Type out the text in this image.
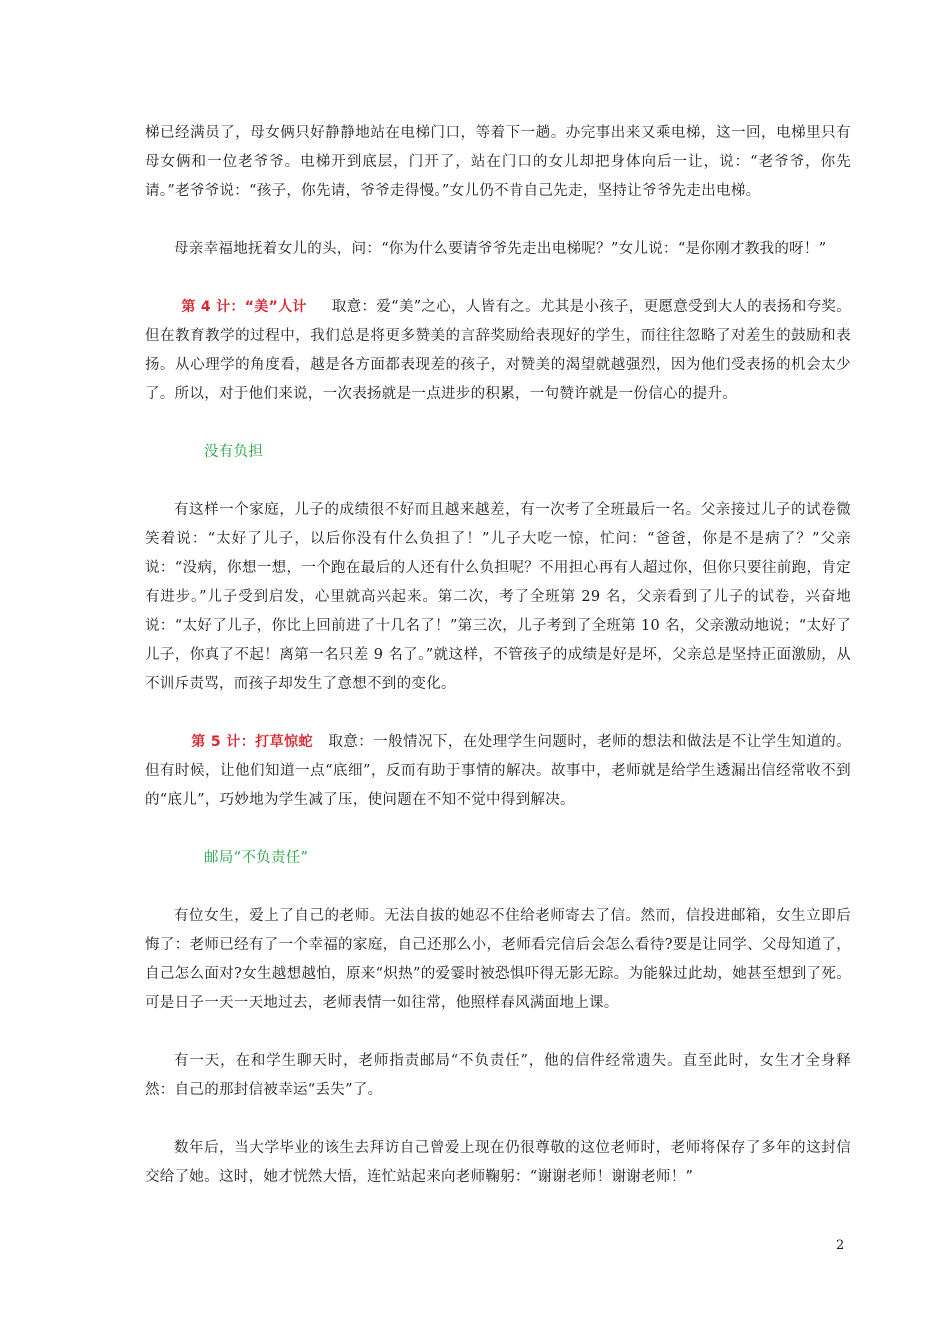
梯已经满员了，母女俩只好静静地站在电梯门口，等着下一趟。办完事出来又乘电梯，这一回，电梯里只有母女俩和一位老爷爷。电梯开到底层，门开了，站在门口的女儿却把身体向后一让，说：“老爷爷，你先请。”老爷爷说：“孩子，你先请，爷爷走得慢。”女儿仍不肯自己先走，坚持让爷爷先走出电梯。

母亲幸福地抚着女儿的头，问：“你为什么要请爷爷先走出电梯呢？”女儿说：“是你刚才教我的呀！”

第 4 计：“美”人计 取意：爱“美”之心，人皆有之。尤其是小孩子，更愿意受到大人的表扬和夸奖。但在教育教学的过程中，我们总是将更多赞美的言辞奖励给表现好的学生，而往往忽略了对差生的鼓励和表扬。从心理学的角度看，越是各方面都表现差的孩子，对赞美的渴望就越强烈，因为他们受表扬的机会太少了。所以，对于他们来说，一次表扬就是一点进步的积累，一句赞许就是一份信心的提升。

没有负担

有这样一个家庭，儿子的成绩很不好而且越来越差，有一次考了全班最后一名。父亲接过儿子的试卷微笑着说：“太好了儿子，以后你没有什么负担了！”儿子大吃一惊，忙问：“爸爸，你是不是病了？”父亲说：“没病，你想一想，一个跑在最后的人还有什么负担呢？不用担心再有人超过你，但你只要往前跑，肯定有进步。”儿子受到启发，心里就高兴起来。第二次，考了全班第 29 名，父亲看到了儿子的试卷，兴奋地说：“太好了儿子，你比上回前进了十几名了！”第三次，儿子考到了全班第 10 名，父亲激动地说；“太好了儿子，你真了不起！离第一名只差 9 名了。”就这样，不管孩子的成绩是好是坏，父亲总是坚持正面激励，从不训斥责骂，而孩子却发生了意想不到的变化。

第 5 计：打草惊蛇 取意：一般情况下，在处理学生问题时，老师的想法和做法是不让学生知道的。但有时候，让他们知道一点“底细”，反而有助于事情的解决。故事中，老师就是给学生透漏出信经常收不到的“底儿”，巧妙地为学生减了压，使问题在不知不觉中得到解决。

邮局“不负责任”

有位女生，爱上了自己的老师。无法自拔的她忍不住给老师寄去了信。然而，信投进邮箱，女生立即后悔了：老师已经有了一个幸福的家庭，自己还那么小，老师看完信后会怎么看待?要是让同学、父母知道了，自己怎么面对?女生越想越怕，原来“炽热”的爱霎时被恐惧吓得无影无踪。为能躲过此劫，她甚至想到了死。可是日子一天一天地过去，老师表情一如往常，他照样春风满面地上课。

有一天，在和学生聊天时，老师指责邮局“不负责任”，他的信件经常遗失。直至此时，女生才全身释然：自己的那封信被幸运“丢失”了。

数年后，当大学毕业的该生去拜访自己曾爱上现在仍很尊敬的这位老师时，老师将保存了多年的这封信交给了她。这时，她才恍然大悟，连忙站起来向老师鞠躬：“谢谢老师！谢谢老师！”

2
